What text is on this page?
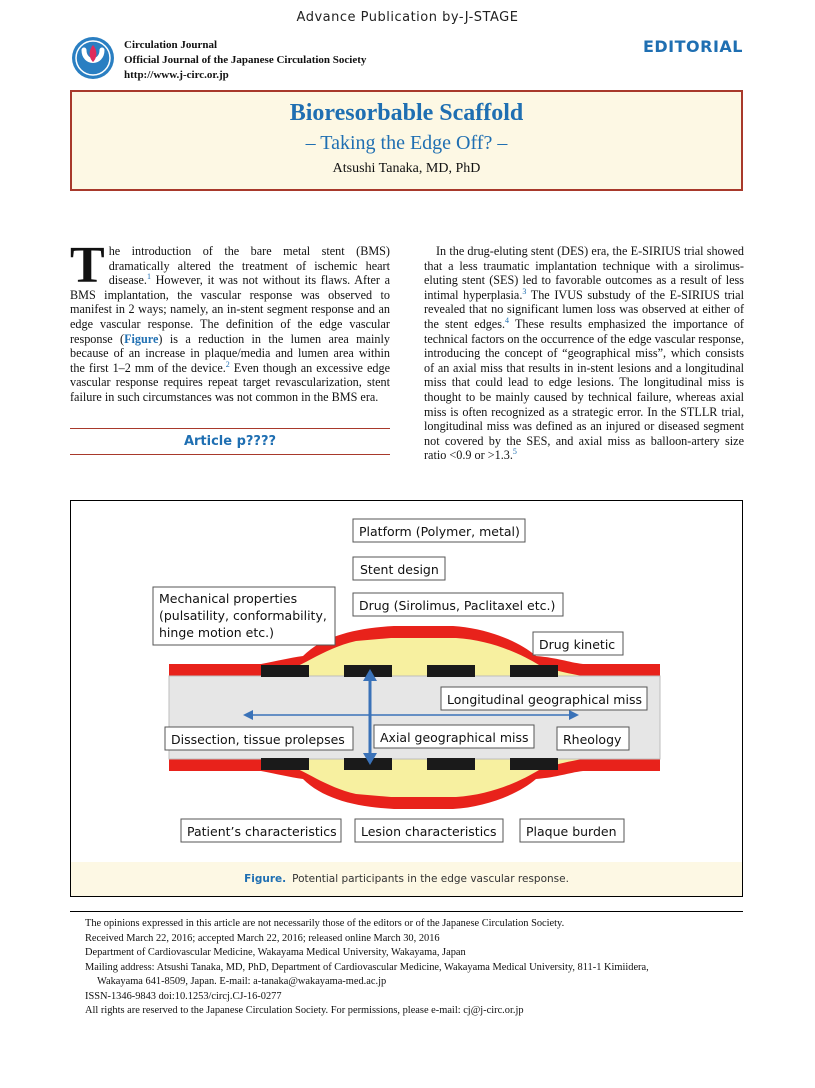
Advance Publication by-J-STAGE
Circulation Journal
Official Journal of the Japanese Circulation Society
http://www.j-circ.or.jp
EDITORIAL
Bioresorbable Scaffold
– Taking the Edge Off? –
Atsushi Tanaka, MD, PhD

The introduction of the bare metal stent (BMS) dramatically altered the treatment of ischemic heart disease.$^1$ However, it was not without its flaws. After a BMS implantation, the vascular response was observed to manifest in 2 ways; namely, an in-stent segment response and an edge vascular response. The definition of the edge vascular response (Figure) is a reduction in the lumen area mainly because of an increase in plaque/media and lumen area within the first 1–2 mm of the device.$^2$ Even though an excessive edge vascular response requires repeat target revascularization, stent failure in such circumstances was not common in the BMS era.

Article p????

In the drug-eluting stent (DES) era, the E-SIRIUS trial showed that a less traumatic implantation technique with a sirolimus-eluting stent (SES) led to favorable outcomes as a result of less intimal hyperplasia.$^3$ The IVUS substudy of the E-SIRIUS trial revealed that no significant lumen loss was observed at either of the stent edges.$^4$ These results emphasized the importance of technical factors on the occurrence of the edge vascular response, introducing the concept of “geographical miss”, which consists of an axial miss that results in in-stent lesions and a longitudinal miss that could lead to edge lesions. The longitudinal miss is thought to be mainly caused by technical failure, whereas axial miss is often recognized as a strategic error. In the STLLR trial, longitudinal miss was defined as an injured or diseased segment not covered by the SES, and axial miss as balloon-artery size ratio <0.9 or >1.3.$^5$

Platform (Polymer, metal)
Stent design
Drug (Sirolimus, Paclitaxel etc.)
Mechanical properties
(pulsatility, conformability,
hinge motion etc.)
Drug kinetic
Longitudinal geographical miss
Dissection, tissue prolepses	Axial geographical miss	Rheology
Patient’s characteristics Lesion characteristics Plaque burden
Figure. Potential participants in the edge vascular response.
The opinions expressed in this article are not necessarily those of the editors or of the Japanese Circulation Society.
Received March 22, 2016; accepted March 22, 2016; released online March 30, 2016
Department of Cardiovascular Medicine, Wakayama Medical University, Wakayama, Japan
Mailing address: Atsushi Tanaka, MD, PhD, Department of Cardiovascular Medicine, Wakayama Medical University, 811-1 Kimiidera,
Wakayama 641-8509, Japan. E-mail: a-tanaka@wakayama-med.ac.jp
ISSN-1346-9843 doi:10.1253/circj.CJ-16-0277
All rights are reserved to the Japanese Circulation Society. For permissions, please e-mail: cj@j-circ.or.jp
